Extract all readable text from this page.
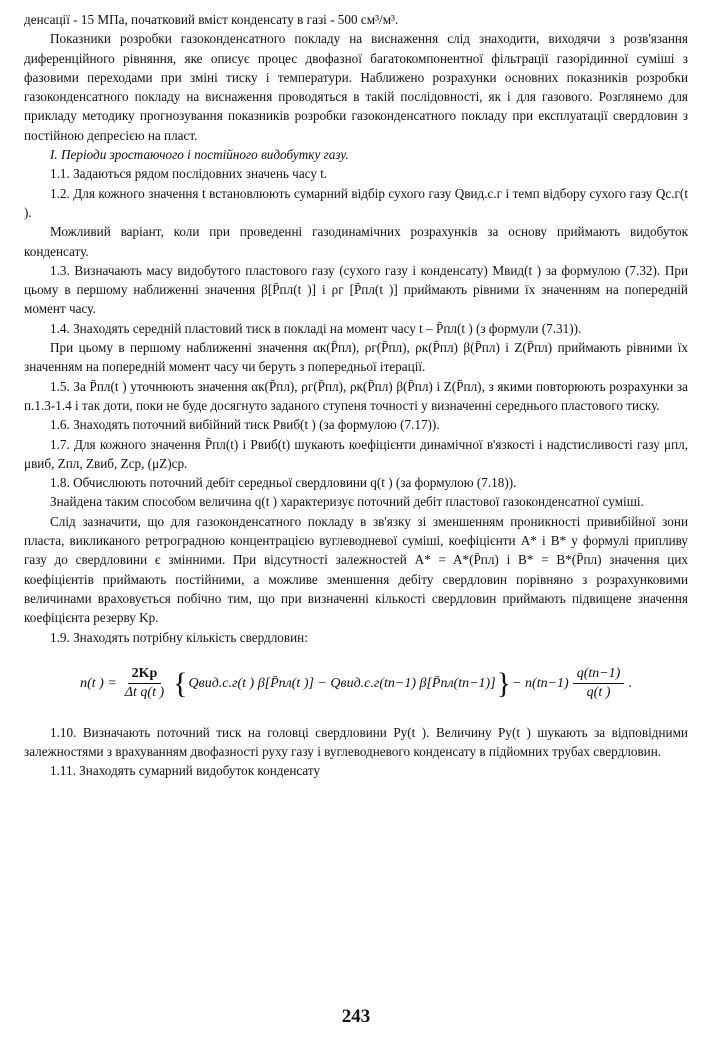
денсації - 15 МПа, початковий вміст конденсату в газі - 500 см³/м³.

Показники розробки газоконденсатного покладу на виснаження слід знаходити, виходячи з розв'язання диференційного рівняння, яке описує процес двофазної багатокомпонентної фільтрації газорідинної суміші з фазовими переходами при зміні тиску і температури. Наближено розрахунки основних показників розробки газоконденсатного покладу на виснаження проводяться в такій послідовності, як і для газового. Розглянемо для прикладу методику прогнозування показників розробки газоконденсатного покладу при експлуатації свердловин з постійною депресією на пласт.

I. Періоди зростаючого і постійного видобутку газу.

1.1. Задаються рядом послідовних значень часу t.

1.2. Для кожного значення t встановлюють сумарний відбір сухого газу Qвид.с.г і темп відбору сухого газу Qс.г(t ).

Можливий варіант, коли при проведенні газодинамічних розрахунків за основу приймають видобуток конденсату.

1.3. Визначають масу видобутого пластового газу (сухого газу і конденсату) Mвид(t ) за формулою (7.32). При цьому в першому наближенні значення β[P̄пл(t )] і ρг [P̄пл(t )] приймають рівними їх значенням на попередній момент часу.

1.4. Знаходять середній пластовий тиск в покладі на момент часу t – P̄пл(t ) (з формули (7.31)).

При цьому в першому наближенні значення αк(P̄пл), ρг(P̄пл), ρк(P̄пл) β(P̄пл) і Z(P̄пл) приймають рівними їх значенням на попередній момент часу чи беруть з попередньої ітерації.

1.5. За P̄пл(t ) уточнюють значення αк(P̄пл), ρг(P̄пл), ρк(P̄пл) β(P̄пл) і Z(P̄пл), з якими повторюють розрахунки за п.1.3-1.4 і так доти, поки не буде досягнуто заданого ступеня точності у визначенні середнього пластового тиску.

1.6. Знаходять поточний вибійний тиск Pвиб(t ) (за формулою (7.17)).

1.7. Для кожного значення P̄пл(t) і Pвиб(t) шукають коефіцієнти динамічної в'язкості і надстисливості газу μпл, μвиб, Zпл, Zвиб, Zср, (μZ)ср.

1.8. Обчислюють поточний дебіт середньої свердловини q(t ) (за формулою (7.18)).

Знайдена таким способом величина q(t ) характеризує поточний дебіт пластової газоконденсатної суміші.

Слід зазначити, що для газоконденсатного покладу в зв'язку зі зменшенням проникності привибійної зони пласта, викликаного ретроградною концентрацією вуглеводневої суміші, коефіцієнти A* і B* у формулі припливу газу до свердловини є змінними. При відсутності залежностей A* = A*(P̄пл) і B* = B*(P̄пл) значення цих коефіцієнтів приймають постійними, а можливе зменшення дебіту свердловин порівняно з розрахунковими величинами враховується побічно тим, що при визначенні кількості свердловин приймають підвищене значення коефіцієнта резерву Kр.

1.9. Знаходять потрібну кількість свердловин:

n(t ) = $\frac{2Kр}{\text{Δt q(t )}}$ { Qвид.с.г(t ) β[P̄пл(t )] − Qвид.с.г(tn−1) β[P̄пл(tn−1)] } − $n(tn-1) \frac{q(tn-1)}{q(t )}$ .

1.10. Визначають поточний тиск на головці свердловини Pу(t ). Величину Pу(t ) шукають за відповідними залежностями з врахуванням двофазності руху газу і вуглеводневого конденсату в підйомних трубах свердловин.

1.11. Знаходять сумарний видобуток конденсату

243
